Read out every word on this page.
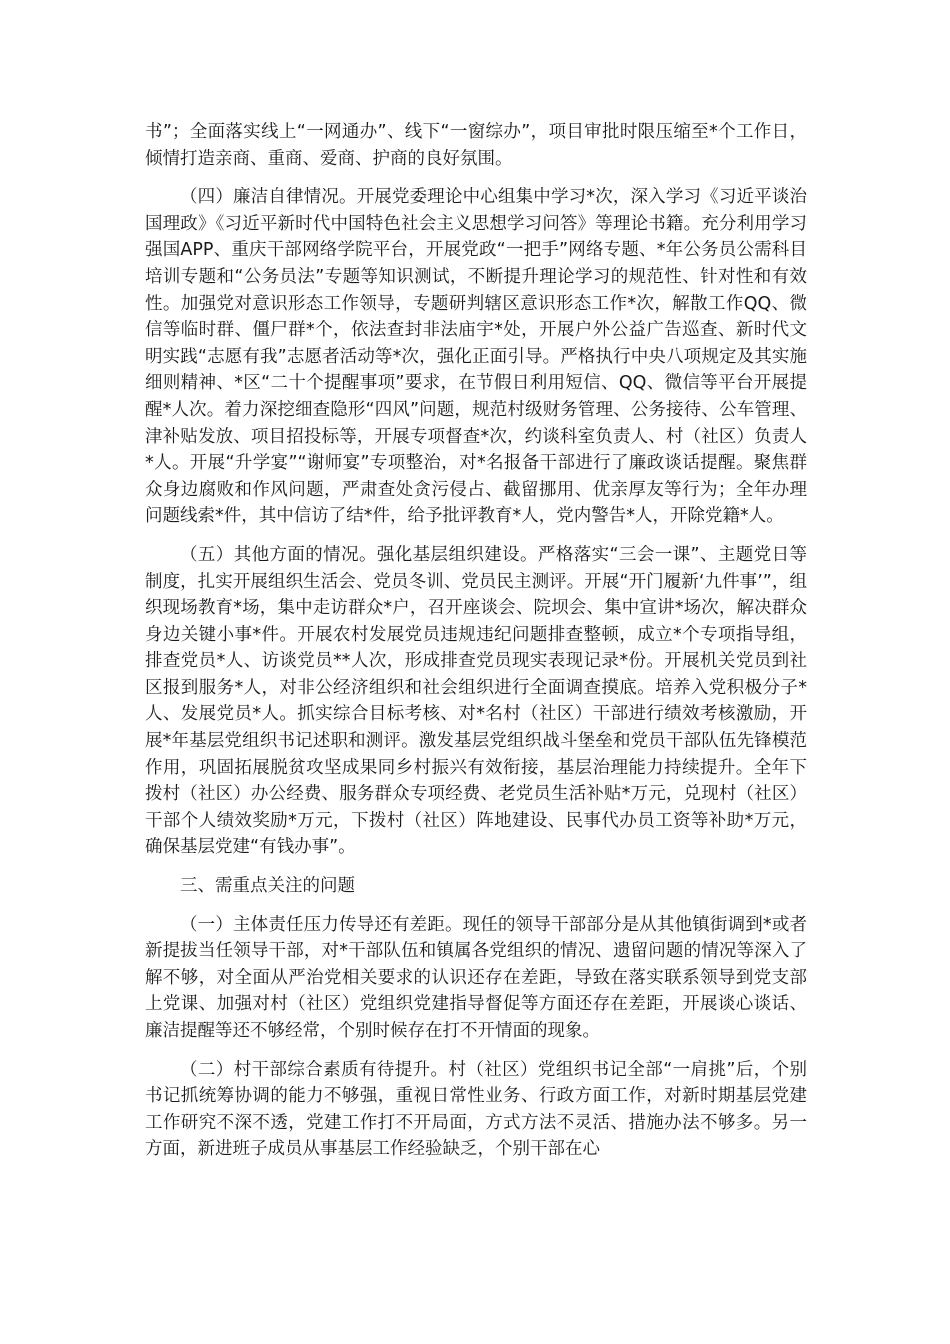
书”；全面落实线上“一网通办”、线下“一窗综办”，项目审批时限压缩至*个工作日，倾情打造亲商、重商、爱商、护商的良好氛围。

（四）廉洁自律情况。开展党委理论中心组集中学习*次，深入学习《习近平谈治国理政》《习近平新时代中国特色社会主义思想学习问答》等理论书籍。充分利用学习强国APP、重庆干部网络学院平台，开展党政“一把手”网络专题、*年公务员公需科目培训专题和“公务员法”专题等知识测试，不断提升理论学习的规范性、针对性和有效性。加强党对意识形态工作领导，专题研判辖区意识形态工作*次，解散工作QQ、微信等临时群、僵尸群*个，依法查封非法庙宇*处，开展户外公益广告巡查、新时代文明实践“志愿有我”志愿者活动等*次，强化正面引导。严格执行中央八项规定及其实施细则精神、*区“二十个提醒事项”要求，在节假日利用短信、QQ、微信等平台开展提醒*人次。着力深挖细查隐形“四风”问题，规范村级财务管理、公务接待、公车管理、津补贴发放、项目招投标等，开展专项督查*次，约谈科室负责人、村（社区）负责人*人。开展“升学宴”“谢师宴”专项整治，对*名报备干部进行了廉政谈话提醒。聚焦群众身边腐败和作风问题，严肃查处贪污侵占、截留挪用、优亲厚友等行为；全年办理问题线索*件，其中信访了结*件，给予批评教育*人，党内警告*人，开除党籍*人。

（五）其他方面的情况。强化基层组织建设。严格落实“三会一课”、主题党日等制度，扎实开展组织生活会、党员冬训、党员民主测评。开展“开门履新‘九件事’”，组织现场教育*场，集中走访群众*户，召开座谈会、院坝会、集中宣讲*场次，解决群众身边关键小事*件。开展农村发展党员违规违纪问题排查整顿，成立*个专项指导组，排查党员*人、访谈党员**人次，形成排查党员现实表现记录*份。开展机关党员到社区报到服务*人，对非公经济组织和社会组织进行全面调查摸底。培养入党积极分子*人、发展党员*人。抓实综合目标考核、对*名村（社区）干部进行绩效考核激励，开展*年基层党组织书记述职和测评。激发基层党组织战斗堡垒和党员干部队伍先锋模范作用，巩固拓展脱贫攻坚成果同乡村振兴有效衔接，基层治理能力持续提升。全年下拨村（社区）办公经费、服务群众专项经费、老党员生活补贴*万元，兑现村（社区）干部个人绩效奖励*万元，下拨村（社区）阵地建设、民事代办员工资等补助*万元，确保基层党建“有钱办事”。

三、需重点关注的问题

（一）主体责任压力传导还有差距。现任的领导干部部分是从其他镇街调到*或者新提拔当任领导干部，对*干部队伍和镇属各党组织的情况、遗留问题的情况等深入了解不够，对全面从严治党相关要求的认识还存在差距，导致在落实联系领导到党支部上党课、加强对村（社区）党组织党建指导督促等方面还存在差距，开展谈心谈话、廉洁提醒等还不够经常，个别时候存在打不开情面的现象。

（二）村干部综合素质有待提升。村（社区）党组织书记全部“一肩挑”后，个别书记抓统筹协调的能力不够强，重视日常性业务、行政方面工作，对新时期基层党建工作研究不深不透，党建工作打不开局面，方式方法不灵活、措施办法不够多。另一方面，新进班子成员从事基层工作经验缺乏，个别干部在心
